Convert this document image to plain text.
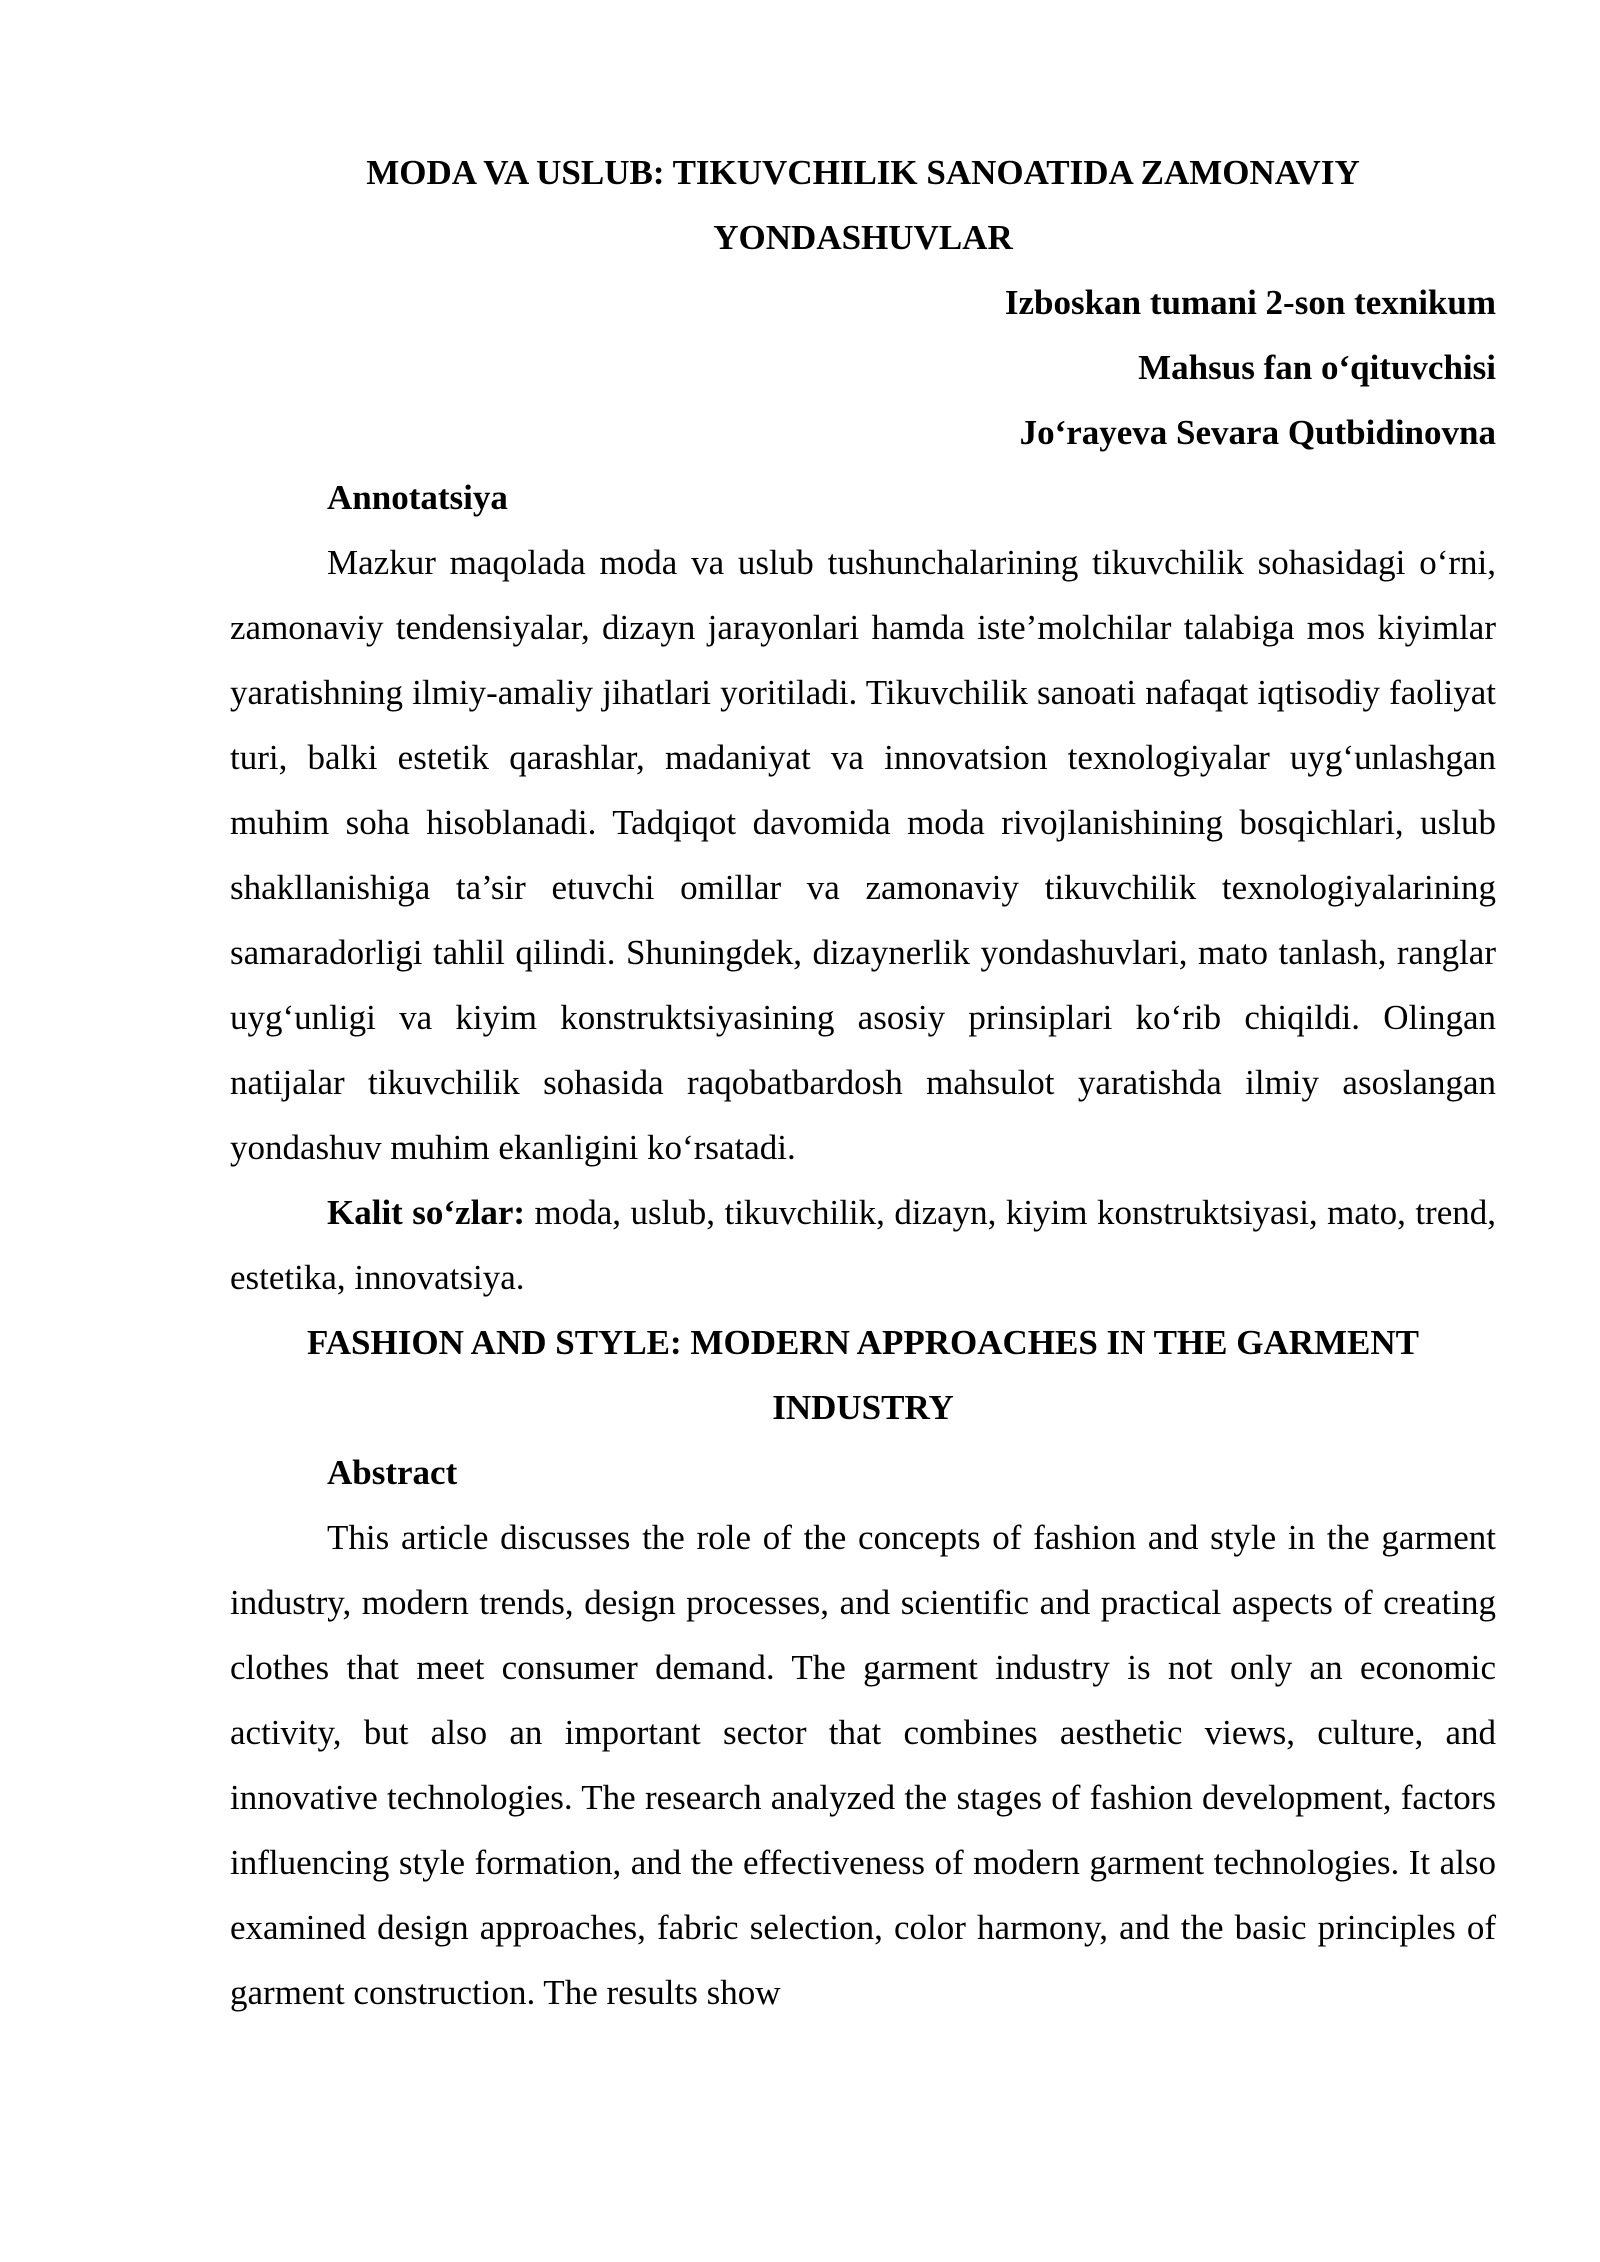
MODA VA USLUB: TIKUVCHILIK SANOATIDA ZAMONAVIY
YONDASHUVLAR
Izboskan tumani 2-son texnikum
Mahsus fan o‘qituvchisi
Jo‘rayeva Sevara Qutbidinovna

Annotatsiya

Mazkur maqolada moda va uslub tushunchalarining tikuvchilik sohasidagi o‘rni, zamonaviy tendensiyalar, dizayn jarayonlari hamda iste’molchilar talabiga mos kiyimlar yaratishning ilmiy-amaliy jihatlari yoritiladi. Tikuvchilik sanoati nafaqat iqtisodiy faoliyat turi, balki estetik qarashlar, madaniyat va innovatsion texnologiyalar uyg‘unlashgan muhim soha hisoblanadi. Tadqiqot davomida moda rivojlanishining bosqichlari, uslub shakllanishiga ta’sir etuvchi omillar va zamonaviy tikuvchilik texnologiyalarining samaradorligi tahlil qilindi. Shuningdek, dizaynerlik yondashuvlari, mato tanlash, ranglar uyg‘unligi va kiyim konstruktsiyasining asosiy prinsiplari ko‘rib chiqildi. Olingan natijalar tikuvchilik sohasida raqobatbardosh mahsulot yaratishda ilmiy asoslangan yondashuv muhim ekanligini ko‘rsatadi.

Kalit so‘zlar: moda, uslub, tikuvchilik, dizayn, kiyim konstruktsiyasi, mato, trend, estetika, innovatsiya.

FASHION AND STYLE: MODERN APPROACHES IN THE GARMENT
INDUSTRY

Abstract

This article discusses the role of the concepts of fashion and style in the garment industry, modern trends, design processes, and scientific and practical aspects of creating clothes that meet consumer demand. The garment industry is not only an economic activity, but also an important sector that combines aesthetic views, culture, and innovative technologies. The research analyzed the stages of fashion development, factors influencing style formation, and the effectiveness of modern garment technologies. It also examined design approaches, fabric selection, color harmony, and the basic principles of garment construction. The results show
